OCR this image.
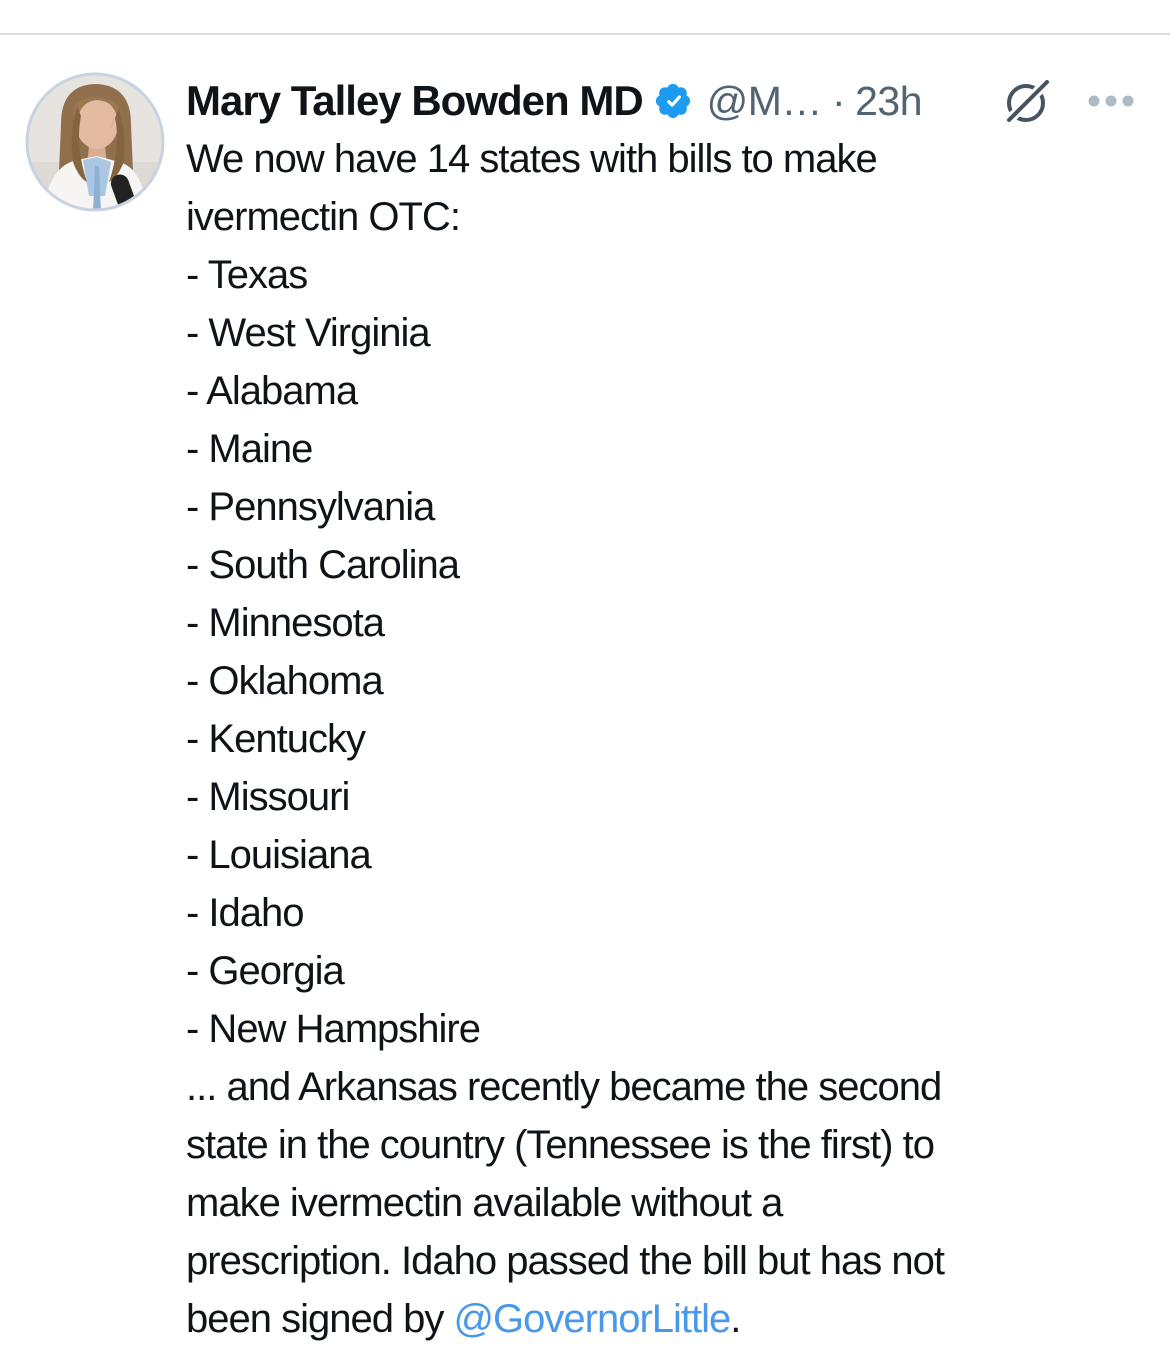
Mary Talley Bowden MD @M… · 23h
We now have 14 states with bills to make
ivermectin OTC:
- Texas
- West Virginia
- Alabama
- Maine
- Pennsylvania
- South Carolina
- Minnesota
- Oklahoma
- Kentucky
- Missouri
- Louisiana
- Idaho
- Georgia
- New Hampshire
... and Arkansas recently became the second
state in the country (Tennessee is the first) to
make ivermectin available without a
prescription. Idaho passed the bill but has not
been signed by @GovernorLittle.
